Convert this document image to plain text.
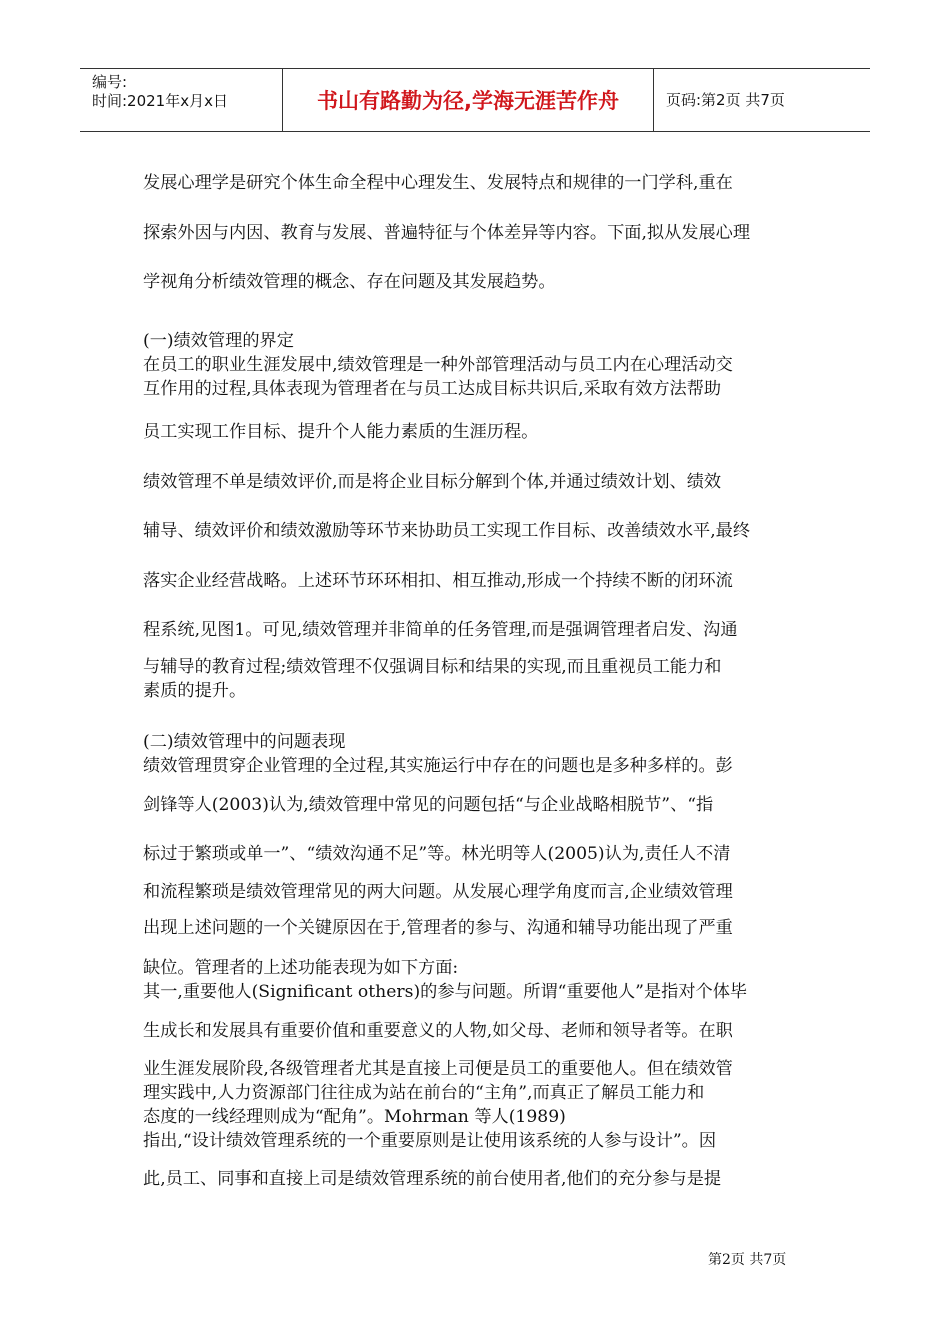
编号:
时间:2021年x月x日	书山有路勤为径,学海无涯苦作舟	页码:第2页 共7页
发展心理学是研究个体生命全程中心理发生、发展特点和规律的一门学科,重在
探索外因与内因、教育与发展、普遍特征与个体差异等内容。下面,拟从发展心理
学视角分析绩效管理的概念、存在问题及其发展趋势。
(一)绩效管理的界定
在员工的职业生涯发展中,绩效管理是一种外部管理活动与员工内在心理活动交
互作用的过程,具体表现为管理者在与员工达成目标共识后,采取有效方法帮助
员工实现工作目标、提升个人能力素质的生涯历程。
绩效管理不单是绩效评价,而是将企业目标分解到个体,并通过绩效计划、绩效
辅导、绩效评价和绩效激励等环节来协助员工实现工作目标、改善绩效水平,最终
落实企业经营战略。上述环节环环相扣、相互推动,形成一个持续不断的闭环流
程系统,见图1。可见,绩效管理并非简单的任务管理,而是强调管理者启发、沟通
与辅导的教育过程;绩效管理不仅强调目标和结果的实现,而且重视员工能力和
素质的提升。
(二)绩效管理中的问题表现
绩效管理贯穿企业管理的全过程,其实施运行中存在的问题也是多种多样的。彭
剑锋等人(2003)认为,绩效管理中常见的问题包括“与企业战略相脱节”、“指
标过于繁琐或单一”、“绩效沟通不足”等。林光明等人(2005)认为,责任人不清
和流程繁琐是绩效管理常见的两大问题。从发展心理学角度而言,企业绩效管理
出现上述问题的一个关键原因在于,管理者的参与、沟通和辅导功能出现了严重
缺位。管理者的上述功能表现为如下方面:
其一,重要他人(Significant others)的参与问题。所谓“重要他人”是指对个体毕
生成长和发展具有重要价值和重要意义的人物,如父母、老师和领导者等。在职
业生涯发展阶段,各级管理者尤其是直接上司便是员工的重要他人。但在绩效管
理实践中,人力资源部门往往成为站在前台的“主角”,而真正了解员工能力和
态度的一线经理则成为“配角”。Mohrman 等人(1989)
指出,“设计绩效管理系统的一个重要原则是让使用该系统的人参与设计”。因
此,员工、同事和直接上司是绩效管理系统的前台使用者,他们的充分参与是提
第2页 共7页
